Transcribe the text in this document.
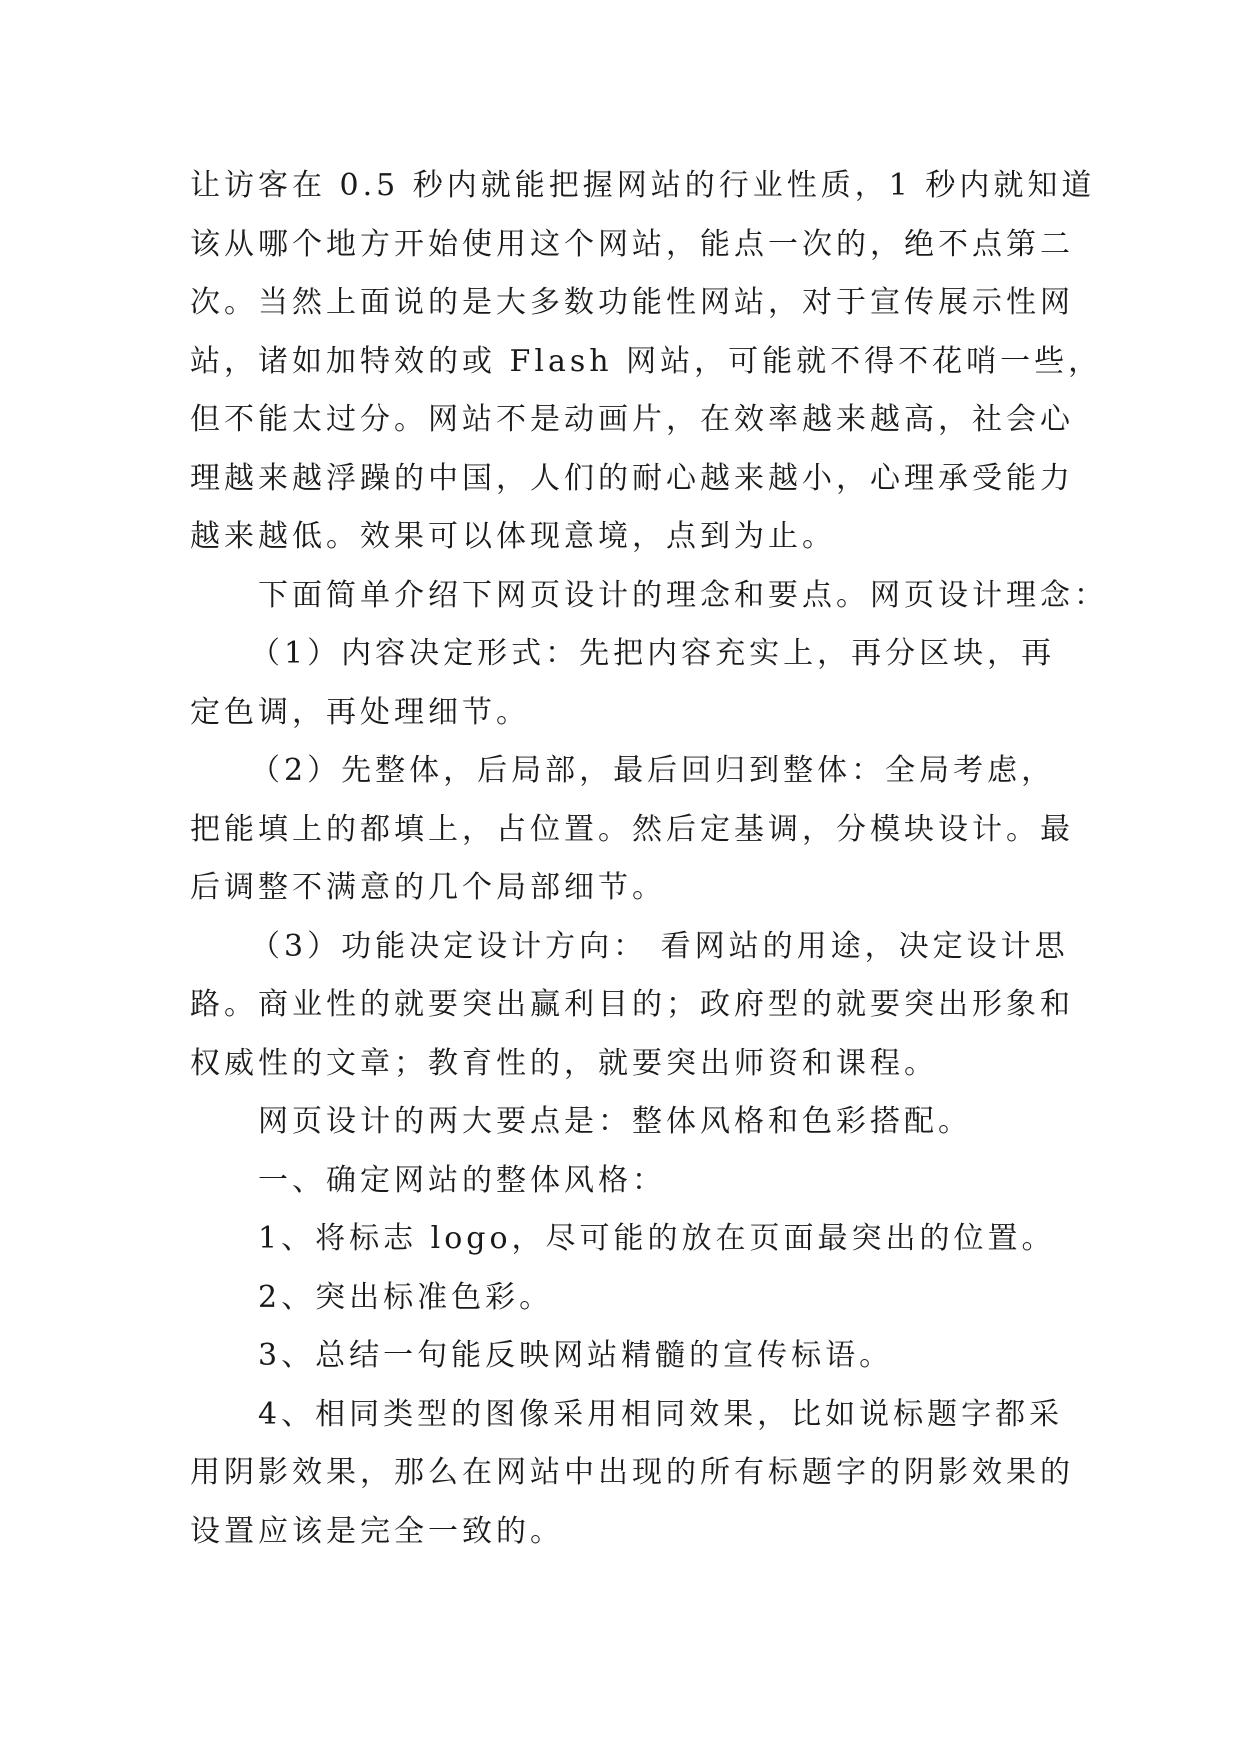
让访客在 0.5 秒内就能把握网站的行业性质，1 秒内就知道
该从哪个地方开始使用这个网站，能点一次的，绝不点第二
次。当然上面说的是大多数功能性网站，对于宣传展示性网
站，诸如加特效的或 Flash 网站，可能就不得不花哨一些，
但不能太过分。网站不是动画片，在效率越来越高，社会心
理越来越浮躁的中国，人们的耐心越来越小，心理承受能力
越来越低。效果可以体现意境，点到为止。
下面简单介绍下网页设计的理念和要点。网页设计理念：
（1）内容决定形式：先把内容充实上，再分区块，再
定色调，再处理细节。
（2）先整体，后局部，最后回归到整体：全局考虑，
把能填上的都填上，占位置。然后定基调，分模块设计。最
后调整不满意的几个局部细节。
（3）功能决定设计方向： 看网站的用途，决定设计思
路。商业性的就要突出赢利目的；政府型的就要突出形象和
权威性的文章；教育性的，就要突出师资和课程。
网页设计的两大要点是：整体风格和色彩搭配。
一、确定网站的整体风格：
1、将标志 logo，尽可能的放在页面最突出的位置。
2、突出标准色彩。
3、总结一句能反映网站精髓的宣传标语。
4、相同类型的图像采用相同效果，比如说标题字都采
用阴影效果，那么在网站中出现的所有标题字的阴影效果的
设置应该是完全一致的。
